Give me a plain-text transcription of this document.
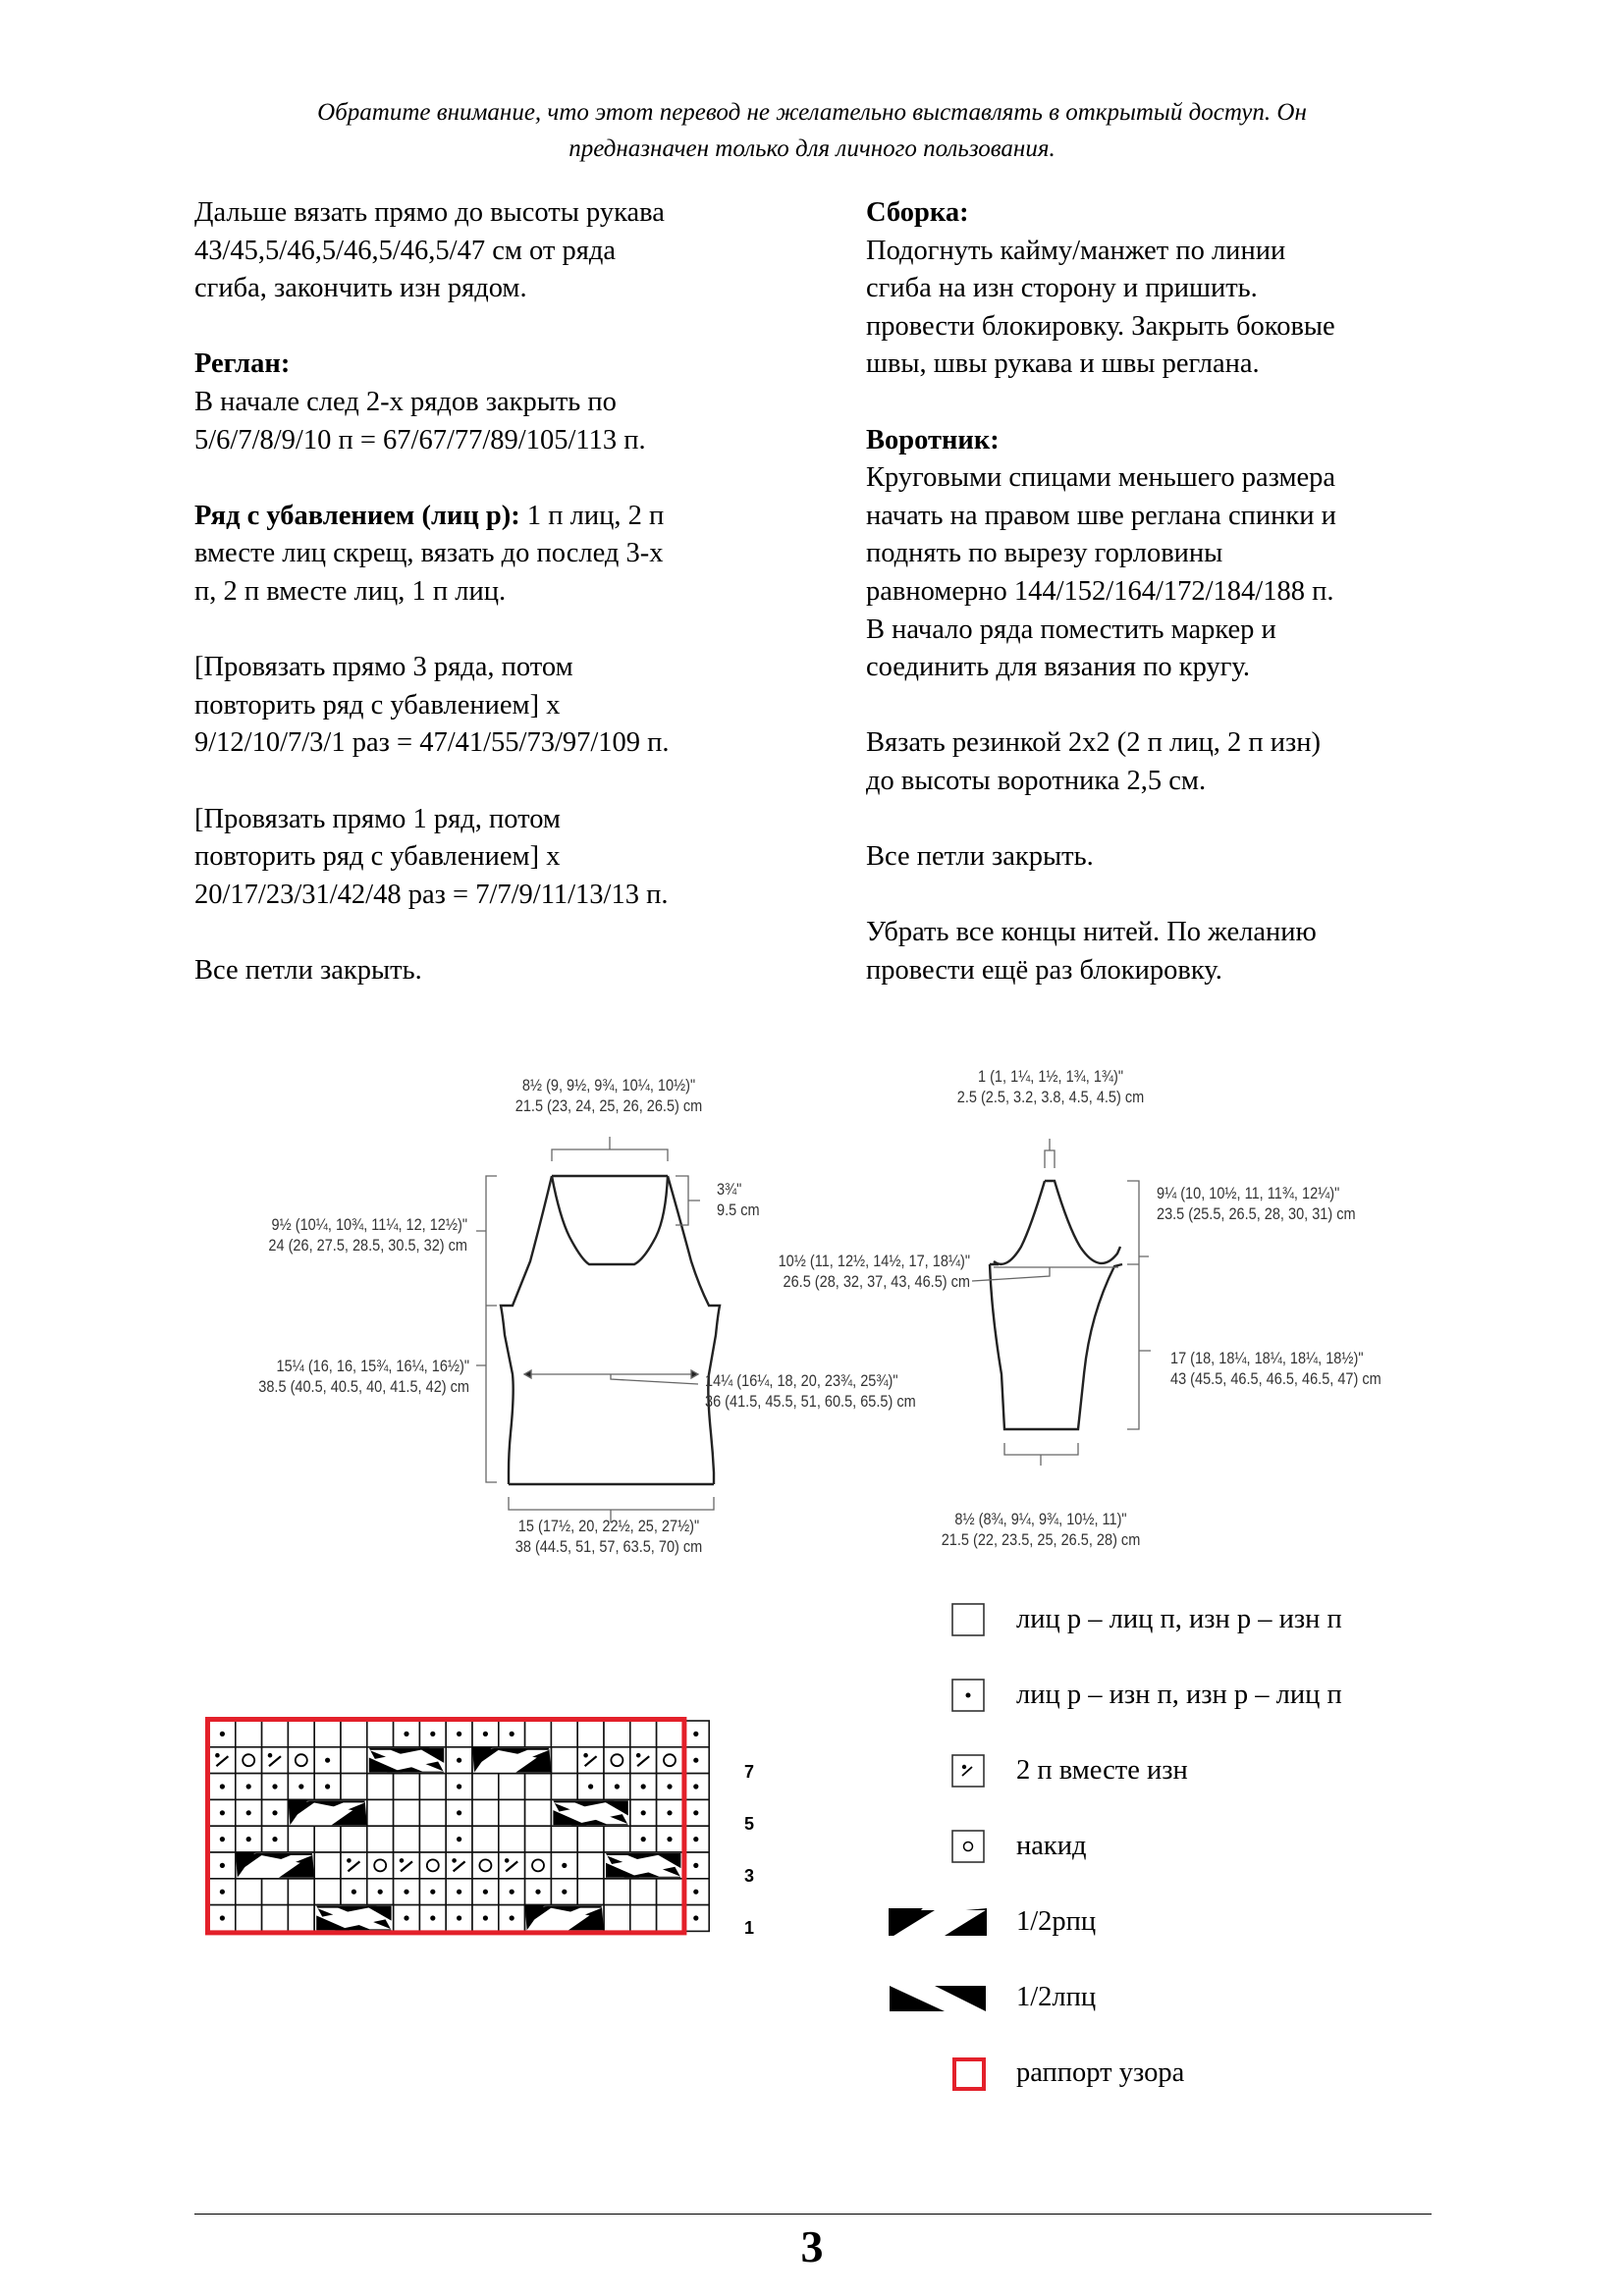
Обратите внимание, что этот перевод не желательно выставлять в открытый доступ. Он
предназначен только для личного пользования.

Дальше вязать прямо до высоты рукава
43/45,5/46,5/46,5/46,5/47 см от ряда
сгиба, закончить изн рядом.

Реглан:
В начале след 2-х рядов закрыть по
5/6/7/8/9/10 п = 67/67/77/89/105/113 п.

Ряд с убавлением (лиц р): 1 п лиц, 2 п
вместе лиц скрещ, вязать до послед 3-х
п, 2 п вместе лиц, 1 п лиц.

[Провязать прямо 3 ряда, потом
повторить ряд с убавлением] х
9/12/10/7/3/1 раз = 47/41/55/73/97/109 п.

[Провязать прямо 1 ряд, потом
повторить ряд с убавлением] х
20/17/23/31/42/48 раз = 7/7/9/11/13/13 п.

Все петли закрыть.

Сборка:
Подогнуть кайму/манжет по линии
сгиба на изн сторону и пришить.
провести блокировку. Закрыть боковые
швы, швы рукава и швы реглана.

Воротник:
Круговыми спицами меньшего размера
начать на правом шве реглана спинки и
поднять по вырезу горловины
равномерно 144/152/164/172/184/188 п.
В начало ряда поместить маркер и
соединить для вязания по кругу.

Вязать резинкой 2х2 (2 п лиц, 2 п изн)
до высоты воротника 2,5 см.

Все петли закрыть.

Убрать все концы нитей. По желанию
провести ещё раз блокировку.

8½ (9, 9½, 9¾, 10¼, 10½)"
21.5 (23, 24, 25, 26, 26.5) cm
3¾"
9.5 cm
9½ (10¼, 10¾, 11¼, 12, 12½)"
24 (26, 27.5, 28.5, 30.5, 32) cm
15¼ (16, 16, 15¾, 16¼, 16½)"
38.5 (40.5, 40.5, 40, 41.5, 42) cm	14¼ (16¼, 18, 20, 23¾, 25¾)"
36 (41.5, 45.5, 51, 60.5, 65.5) cm
15 (17½, 20, 22½, 25, 27½)"
38 (44.5, 51, 57, 63.5, 70) cm
1 (1, 1¼, 1½, 1¾, 1¾)"
2.5 (2.5, 3.2, 3.8, 4.5, 4.5) cm
9¼ (10, 10½, 11, 11¾, 12¼)"
23.5 (25.5, 26.5, 28, 30, 31) cm
10½ (11, 12½, 14½, 17, 18¼)"
26.5 (28, 32, 37, 43, 46.5) cm
17 (18, 18¼, 18¼, 18¼, 18½)"
43 (45.5, 46.5, 46.5, 46.5, 47) cm
8½ (8¾, 9¼, 9¾, 10½, 11)"
21.5 (22, 23.5, 25, 26.5, 28) cm
7
5
3
1
лиц р – лиц п, изн р – изн п
лиц р – изн п, изн р – лиц п
2 п вместе изн
накид
1/2рпц
1/2лпц
раппорт узора
3
